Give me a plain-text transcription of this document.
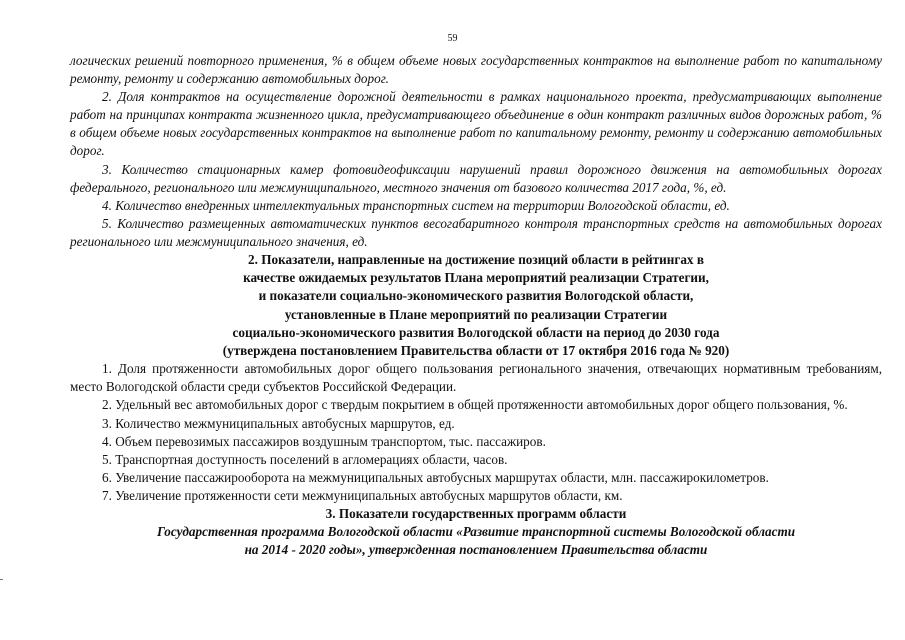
59

логических решений повторного применения, % в общем объеме новых государственных контрактов на выполнение работ по капитальному ремонту, ремонту и содержанию автомобильных дорог.

2. Доля контрактов на осуществление дорожной деятельности в рамках национального проекта, предусматривающих выполнение работ на принципах контракта жизненного цикла, предусматривающего объединение в один контракт различных видов дорожных работ, % в общем объеме новых государственных контрактов на выполнение работ по капитальному ремонту, ремонту и содержанию автомобильных дорог.

3. Количество стационарных камер фотовидеофиксации нарушений правил дорожного движения на автомобильных дорогах федерального, регионального или межмуниципального, местного значения от базового количества 2017 года, %, ед.

4. Количество внедренных интеллектуальных транспортных систем на территории Вологодской области, ед.

5. Количество размещенных автоматических пунктов весогабаритного контроля транспортных средств на автомобильных дорогах регионального или межмуниципального значения, ед.

2. Показатели, направленные на достижение позиций области в рейтингах в
качестве ожидаемых результатов Плана мероприятий реализации Стратегии,
и показатели социально-экономического развития Вологодской области,
установленные в Плане мероприятий по реализации Стратегии
социально-экономического развития Вологодской области на период до 2030 года
(утверждена постановлением Правительства области от 17 октября 2016 года № 920)

1. Доля протяженности автомобильных дорог общего пользования регионального значения, отвечающих нормативным требованиям, место Вологодской области среди субъектов Российской Федерации.

2. Удельный вес автомобильных дорог с твердым покрытием в общей протяженности автомобильных дорог общего пользования, %.

3. Количество межмуниципальных автобусных маршрутов, ед.

4. Объем перевозимых пассажиров воздушным транспортом, тыс. пассажиров.

5. Транспортная доступность поселений в агломерациях области, часов.

6. Увеличение пассажирооборота на межмуниципальных автобусных маршрутах области, млн. пассажирокилометров.

7. Увеличение протяженности сети межмуниципальных автобусных маршрутов области, км.

3. Показатели государственных программ области

Государственная программа Вологодской области «Развитие транспортной системы Вологодской области
на 2014 - 2020 годы», утвержденная постановлением Правительства области
